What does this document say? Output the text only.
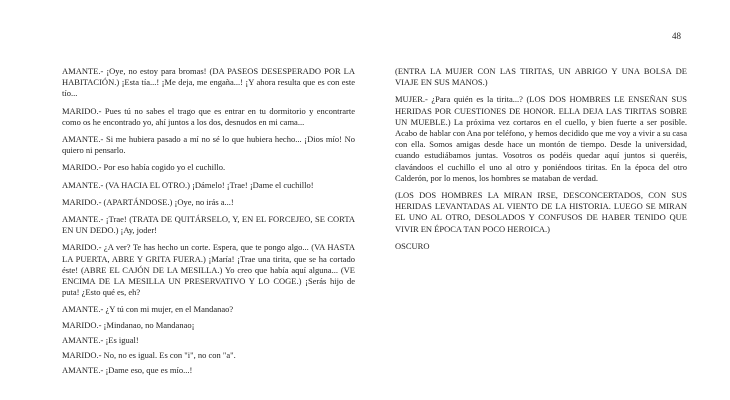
48

AMANTE.- ¡Oye, no estoy para bromas! (DA PASEOS DESESPERADO POR LA HABITACIÓN.) ¡Esta tía...! ¡Me deja, me engaña...! ¡Y ahora resulta que es con este tío...

MARIDO.- Pues tú no sabes el trago que es entrar en tu dormitorio y encontrarte como os he encontrado yo, ahí juntos a los dos, desnudos en mi cama...

AMANTE.- Si me hubiera pasado a mí no sé lo que hubiera hecho... ¡Dios mío! No quiero ni pensarlo.

MARIDO.- Por eso había cogido yo el cuchillo.

AMANTE.- (VA HACIA EL OTRO.) ¡Dámelo! ¡Trae! ¡Dame el cuchillo!

MARIDO.- (APARTÁNDOSE.) ¡Oye, no irás a...!

AMANTE.- ¡Trae! (TRATA DE QUITÁRSELO, Y, EN EL FORCEJEO, SE CORTA EN UN DEDO.) ¡Ay, joder!

MARIDO.- ¿A ver? Te has hecho un corte. Espera, que te pongo algo... (VA HASTA LA PUERTA, ABRE Y GRITA FUERA.) ¡María! ¡Trae una tirita, que se ha cortado éste! (ABRE EL CAJÓN DE LA MESILLA.) Yo creo que había aquí alguna... (VE ENCIMA DE LA MESILLA UN PRESERVATIVO Y LO COGE.) ¡Serás hijo de puta! ¿Esto qué es, eh?

AMANTE.- ¿Y tú con mi mujer, en el Mandanao?

MARIDO.- ¡Mindanao, no Mandanao¡

AMANTE.- ¡Es igual!

MARIDO.- No, no es igual. Es con "i", no con "a".

AMANTE.- ¡Dame eso, que es mío...!

(ENTRA LA MUJER CON LAS TIRITAS, UN ABRIGO Y UNA BOLSA DE VIAJE EN SUS MANOS.)

MUJER.- ¿Para quién es la tirita...? (LOS DOS HOMBRES LE ENSEÑAN SUS HERIDAS POR CUESTIONES DE HONOR. ELLA DEJA LAS TIRITAS SOBRE UN MUEBLE.) La próxima vez cortaros en el cuello, y bien fuerte a ser posible. Acabo de hablar con Ana por teléfono, y hemos decidido que me voy a vivir a su casa con ella. Somos amigas desde hace un montón de tiempo. Desde la universidad, cuando estudiábamos juntas. Vosotros os podéis quedar aquí juntos si queréis, clavándoos el cuchillo el uno al otro y poniéndoos tiritas. En la época del otro Calderón, por lo menos, los hombres se mataban de verdad.

(LOS DOS HOMBRES LA MIRAN IRSE, DESCONCERTADOS, CON SUS HERIDAS LEVANTADAS AL VIENTO DE LA HISTORIA. LUEGO SE MIRAN EL UNO AL OTRO, DESOLADOS Y CONFUSOS DE HABER TENIDO QUE VIVIR EN ÉPOCA TAN POCO HEROICA.)

OSCURO
